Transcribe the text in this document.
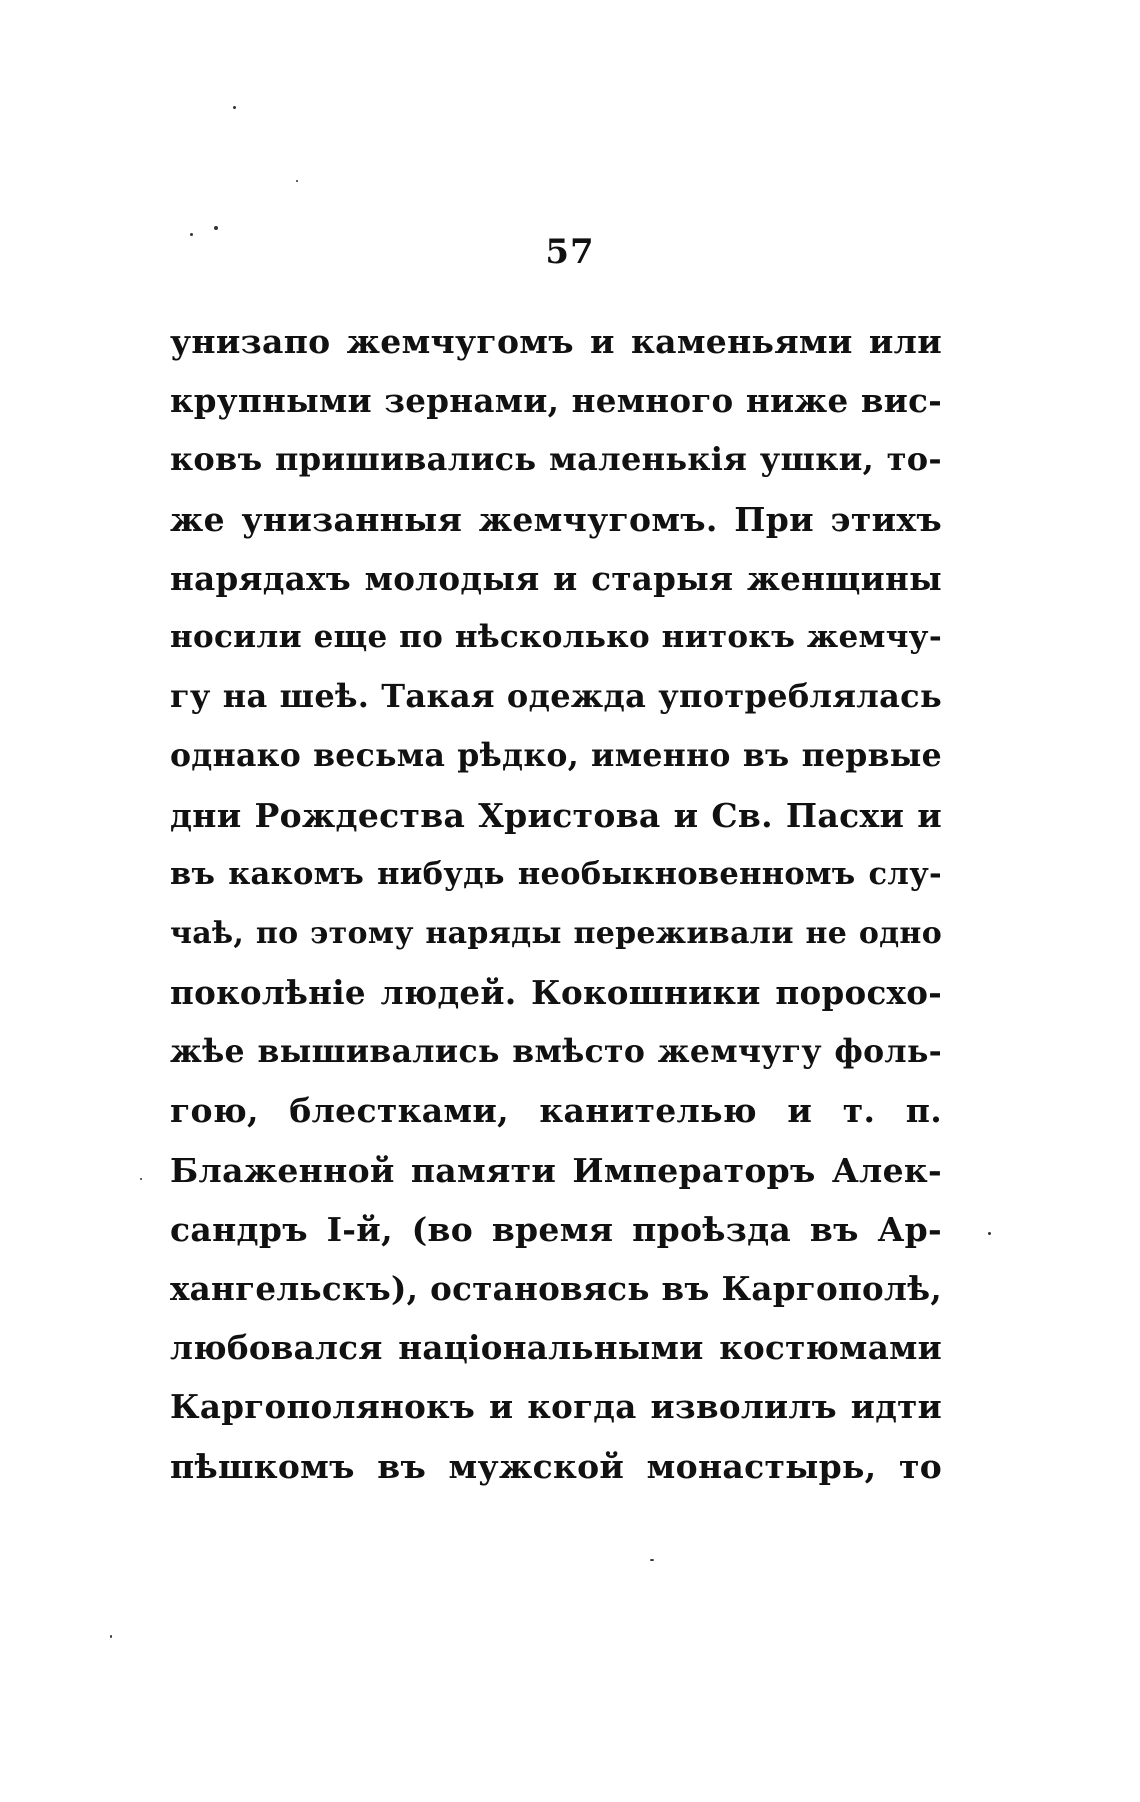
57
унизапо жемчугомъ и каменьями или
крупными зернами, немного ниже вис-
ковъ пришивались маленькія ушки, то-
же унизанныя жемчугомъ. При этихъ
нарядахъ молодыя и старыя женщины
носили еще по нѣсколько нитокъ жемчу-
гу на шеѣ. Такая одежда употреблялась
однако весьма рѣдко, именно въ первые
дни Рождества Христова и Св. Пасхи и
въ какомъ нибудь необыкновенномъ слу-
чаѣ, по этому наряды переживали не одно
поколѣніе людей. Кокошники поросхо-
жѣе вышивались вмѣсто жемчугу фоль-
гою, блестками, канителью и т. п.
Блаженной памяти Императоръ Алек-
сандръ І-й, (во время проѣзда въ Ар-
хангельскъ), остановясь въ Каргополѣ,
любовался національными костюмами
Каргополянокъ и когда изволилъ идти
пѣшкомъ въ мужской монастырь, то
